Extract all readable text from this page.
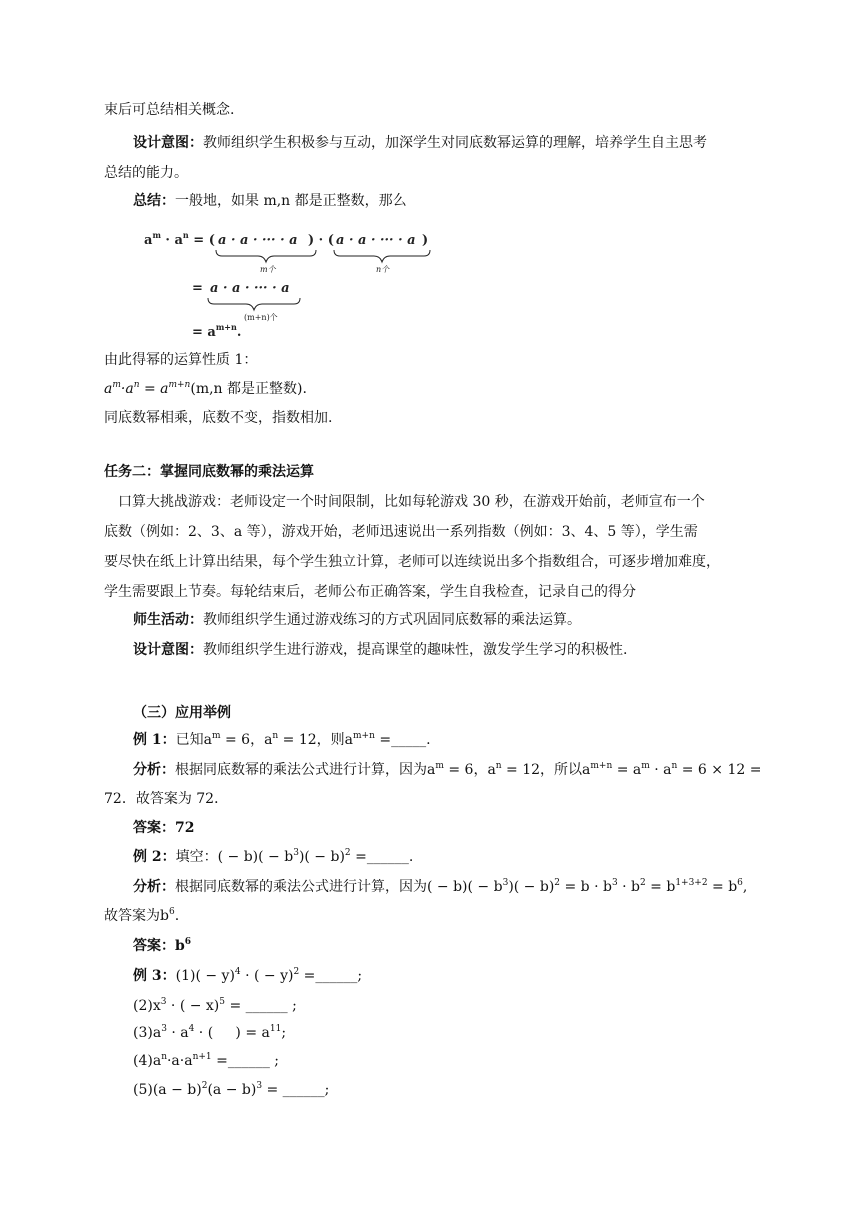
束后可总结相关概念.
设计意图：教师组织学生积极参与互动，加深学生对同底数幂运算的理解，培养学生自主思考
总结的能力。
总结：一般地，如果 m,n 都是正整数，那么
$a^m \cdot a^n$ = ( a · a · ··· · a ) · ( a · a · ··· · a )
m个	n个
= a · a · ··· · a
(m+n)个
= $a^{m+n}$.
由此得幂的运算性质 1：
$a^m\cdot a^n = a^{m+n}(m,n$ 都是正整数).
同底数幂相乘，底数不变，指数相加.
任务二：掌握同底数幂的乘法运算
口算大挑战游戏：老师设定一个时间限制，比如每轮游戏 30 秒，在游戏开始前，老师宣布一个
底数（例如：2、3、a 等），游戏开始，老师迅速说出一系列指数（例如：3、4、5 等），学生需
要尽快在纸上计算出结果，每个学生独立计算，老师可以连续说出多个指数组合，可逐步增加难度，
学生需要跟上节奏。每轮结束后，老师公布正确答案，学生自我检查，记录自己的得分
师生活动：教师组织学生通过游戏练习的方式巩固同底数幂的乘法运算。
设计意图：教师组织学生进行游戏，提高课堂的趣味性，激发学生学习的积极性.
（三）应用举例
例 1：已知$a^m = 6$，$a^n = 12$，则$a^{m+n}$ =_____.
分析：根据同底数幂的乘法公式进行计算，因为$a^m = 6$，$a^n = 12$，所以$a^{m+n} = a^m \cdot a^n = 6 \times 12$ =
72．故答案为 72．
答案：72
例 2：填空：( − $b)( - b^3)( - b)^2$ =______.
分析：根据同底数幂的乘法公式进行计算，因为( − $b)( - b^3)( - b)^2 = b \cdot b^3 \cdot b^2 = b^{1+3+2} = b^6$,
故答案为$b^6$.
答案：$b^6$
例 3：$(1)( - y)^4$ · ( − y)$^2$ =______;
$(2)x^3$ · ( − x)$^5$ = ______ ;
$(3)a^3 \cdot a^4$ · (     ) = $a^{11}$;
$(4)a^n\cdot a\cdot a^{n+1}$ =______ ;
$(5)(a - b)^2(a - b)^3$ = ______;
